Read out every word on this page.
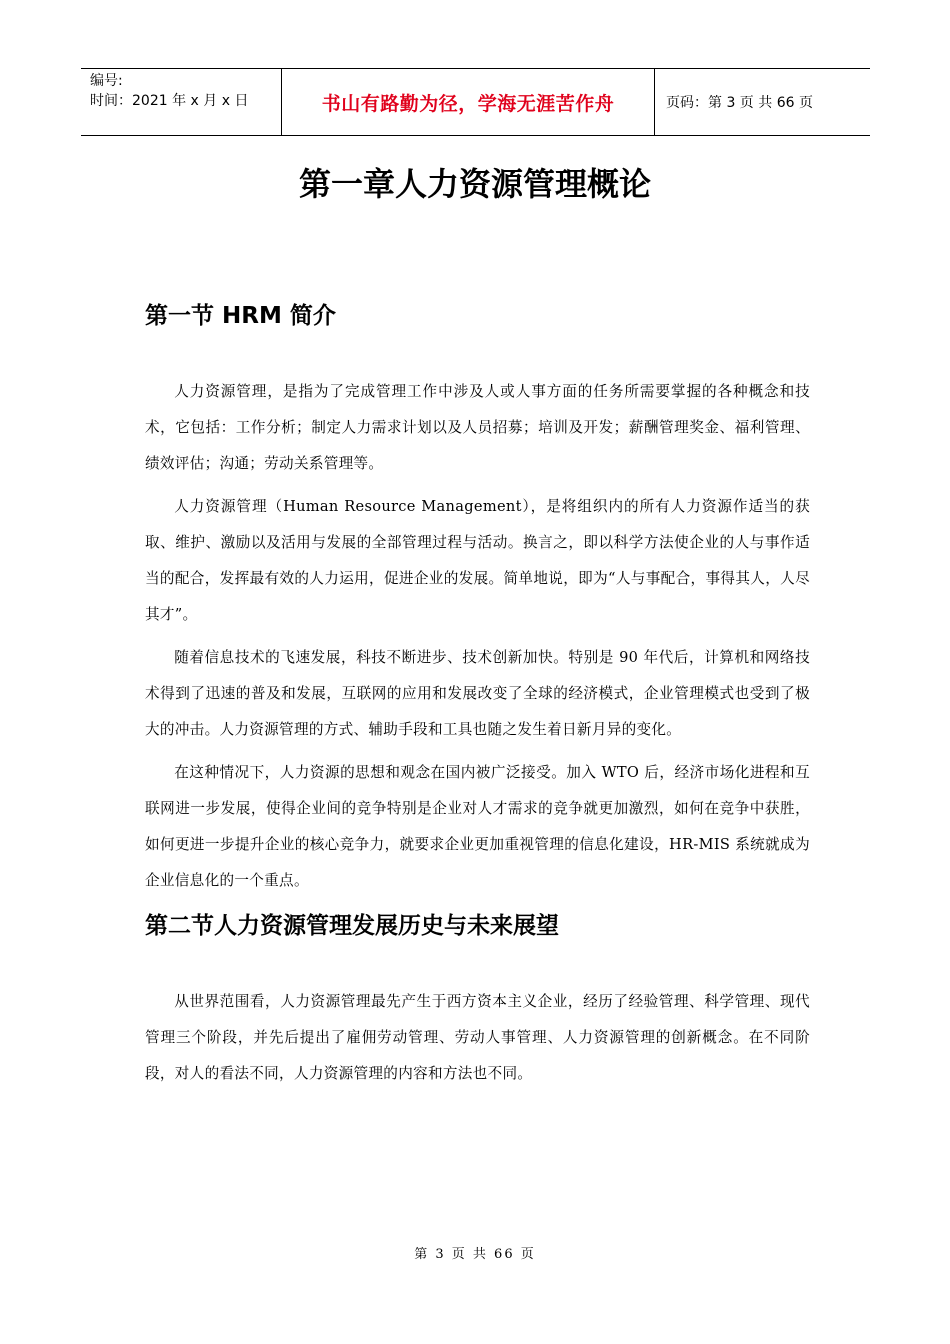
编号:
时间：2021 年 x 月 x 日	书山有路勤为径，学海无涯苦作舟	页码：第 3 页 共 66 页
第一章人力资源管理概论
第一节 HRM 简介

人力资源管理，是指为了完成管理工作中涉及人或人事方面的任务所需要掌握的各种概念和技术，它包括：工作分析；制定人力需求计划以及人员招募；培训及开发；薪酬管理奖金、福利管理、绩效评估；沟通；劳动关系管理等。

人力资源管理（Human Resource Management），是将组织内的所有人力资源作适当的获取、维护、激励以及活用与发展的全部管理过程与活动。换言之，即以科学方法使企业的人与事作适当的配合，发挥最有效的人力运用，促进企业的发展。简单地说，即为“人与事配合，事得其人，人尽其才”。

随着信息技术的飞速发展，科技不断进步、技术创新加快。特别是 90 年代后，计算机和网络技术得到了迅速的普及和发展，互联网的应用和发展改变了全球的经济模式，企业管理模式也受到了极大的冲击。人力资源管理的方式、辅助手段和工具也随之发生着日新月异的变化。

在这种情况下，人力资源的思想和观念在国内被广泛接受。加入 WTO 后，经济市场化进程和互联网进一步发展，使得企业间的竞争特别是企业对人才需求的竞争就更加激烈，如何在竞争中获胜，如何更进一步提升企业的核心竞争力，就要求企业更加重视管理的信息化建设，HR-MIS 系统就成为企业信息化的一个重点。

第二节人力资源管理发展历史与未来展望

从世界范围看，人力资源管理最先产生于西方资本主义企业，经历了经验管理、科学管理、现代管理三个阶段，并先后提出了雇佣劳动管理、劳动人事管理、人力资源管理的创新概念。在不同阶段，对人的看法不同，人力资源管理的内容和方法也不同。

第 3 页 共 66 页
